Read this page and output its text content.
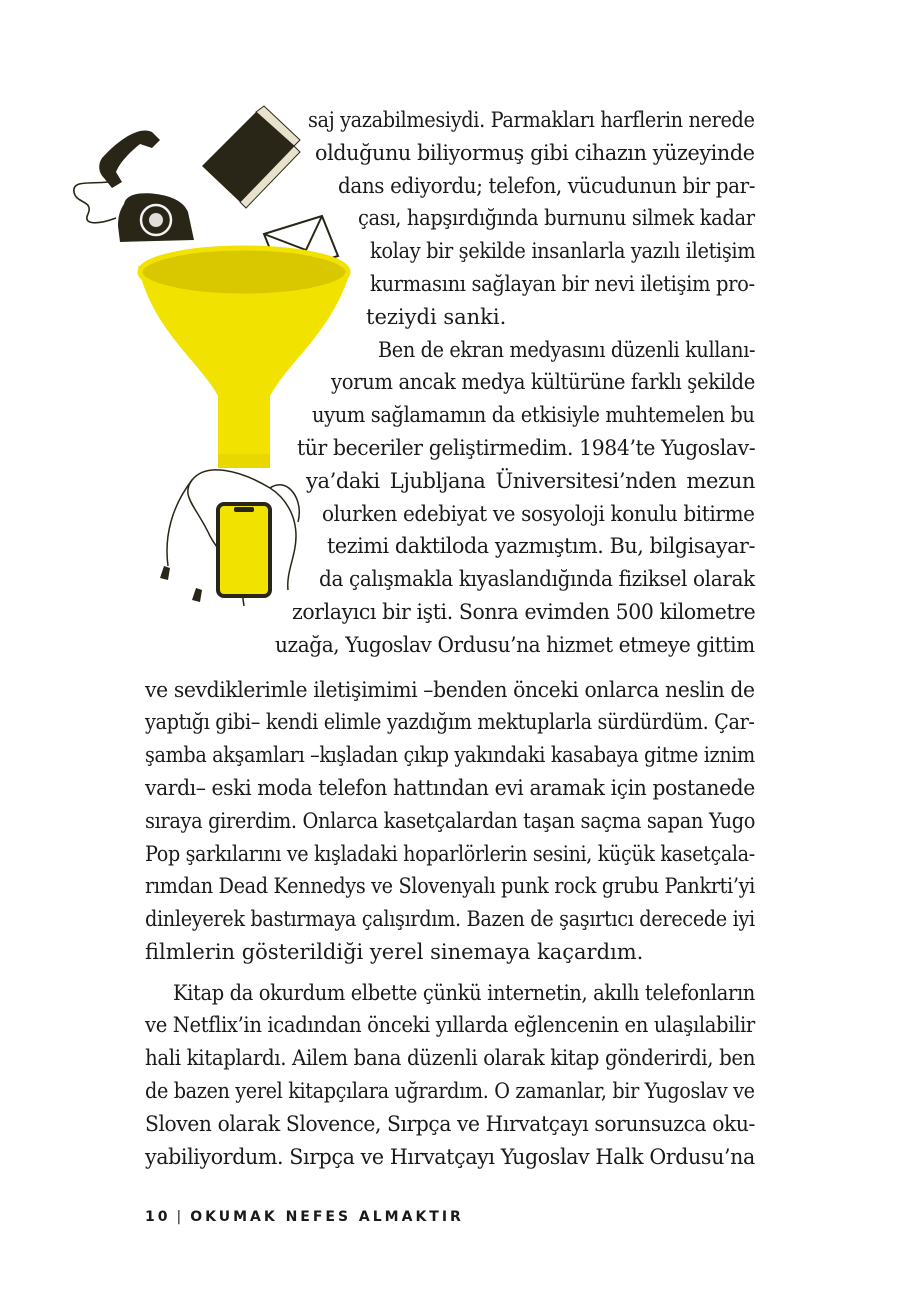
saj yazabilmesiydi. Parmakları harflerin nerede
olduğunu biliyormuş gibi cihazın yüzeyinde
dans ediyordu; telefon, vücudunun bir par-
çası, hapşırdığında burnunu silmek kadar
kolay bir şekilde insanlarla yazılı iletişim
kurmasını sağlayan bir nevi iletişim pro-
teziydi sanki.
Ben de ekran medyasını düzenli kullanı-
yorum ancak medya kültürüne farklı şekilde
uyum sağlamamın da etkisiyle muhtemelen bu
tür beceriler geliştirmedim. 1984’te Yugoslav-
ya’daki Ljubljana Üniversitesi’nden mezun
olurken edebiyat ve sosyoloji konulu bitirme
tezimi daktiloda yazmıştım. Bu, bilgisayar-
da çalışmakla kıyaslandığında fiziksel olarak
zorlayıcı bir işti. Sonra evimden 500 kilometre
uzağa, Yugoslav Ordusu’na hizmet etmeye gittim
ve sevdiklerimle iletişimimi –benden önceki onlarca neslin de
yaptığı gibi– kendi elimle yazdığım mektuplarla sürdürdüm. Çar-
şamba akşamları –kışladan çıkıp yakındaki kasabaya gitme iznim
vardı– eski moda telefon hattından evi aramak için postanede
sıraya girerdim. Onlarca kasetçalardan taşan saçma sapan Yugo
Pop şarkılarını ve kışladaki hoparlörlerin sesini, küçük kasetçala-
rımdan Dead Kennedys ve Slovenyalı punk rock grubu Pankrti’yi
dinleyerek bastırmaya çalışırdım. Bazen de şaşırtıcı derecede iyi
filmlerin gösterildiği yerel sinemaya kaçardım.
Kitap da okurdum elbette çünkü internetin, akıllı telefonların
ve Netflix’in icadından önceki yıllarda eğlencenin en ulaşılabilir
hali kitaplardı. Ailem bana düzenli olarak kitap gönderirdi, ben
de bazen yerel kitapçılara uğrardım. O zamanlar, bir Yugoslav ve
Sloven olarak Slovence, Sırpça ve Hırvatçayı sorunsuzca oku-
yabiliyordum. Sırpça ve Hırvatçayı Yugoslav Halk Ordusu’na
10 | OKUMAK NEFES ALMAKTIR
